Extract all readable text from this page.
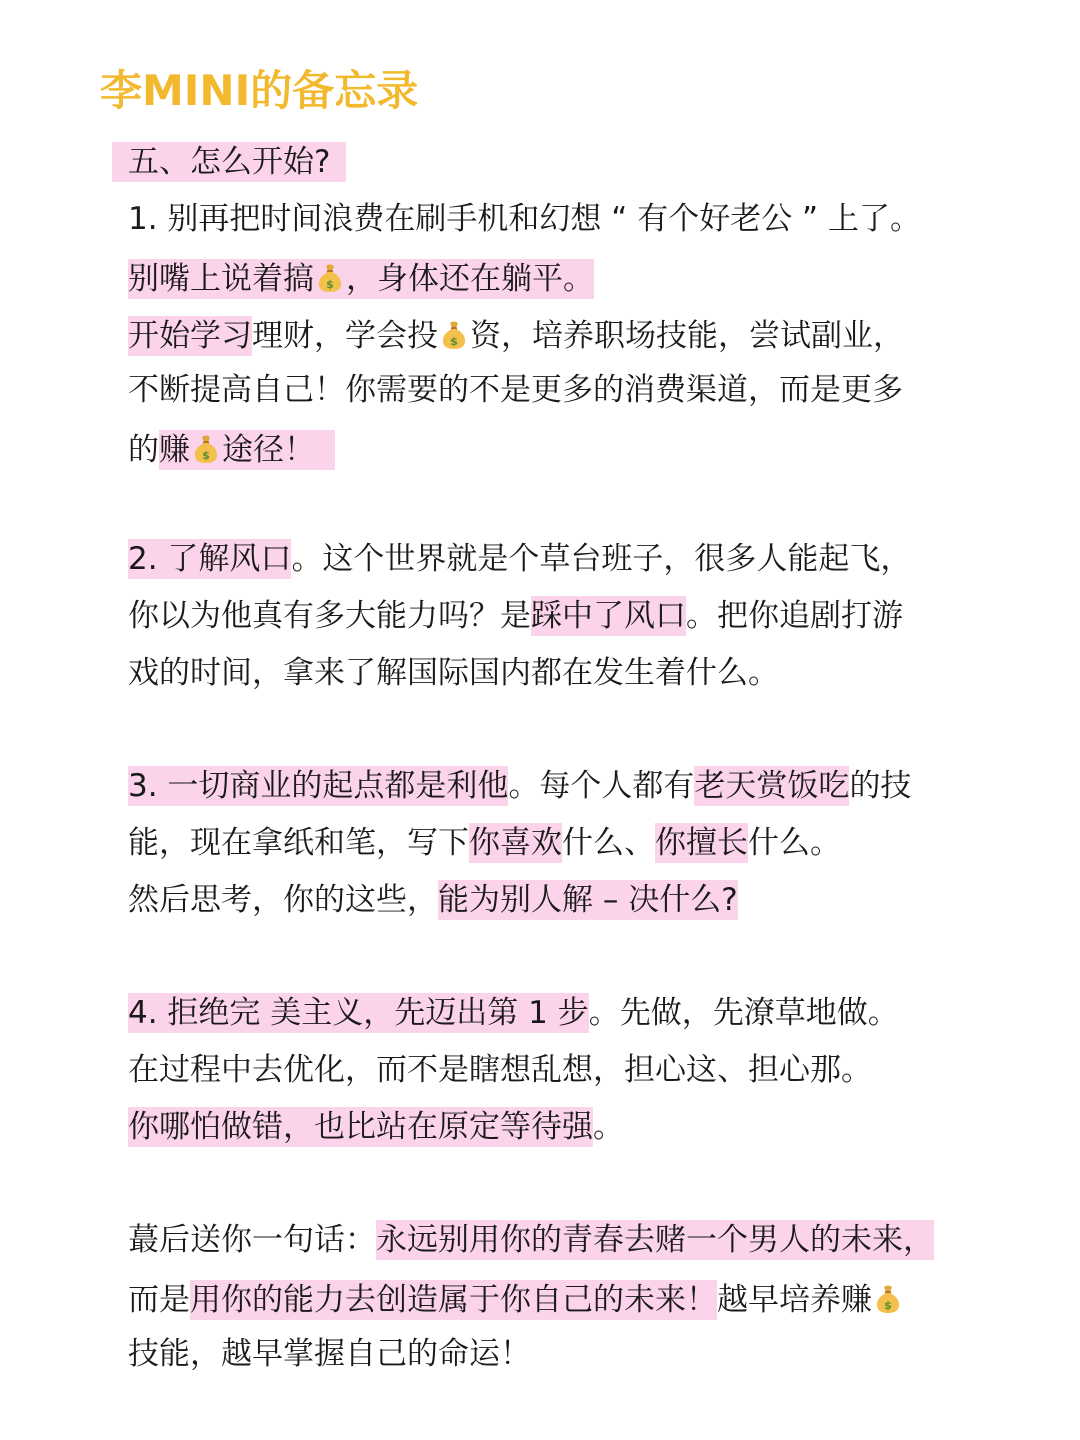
李MINI的备忘录
五、怎么开始?
1. 别再把时间浪费在刷手机和幻想 “ 有个好老公 ” 上了。
别嘴上说着搞 ，身体还在躺平。
开始学习理财，学会投 资，培养职场技能，尝试副业，
不断提高自己！你需要的不是更多的消费渠道，而是更多
的赚 途径！
2. 了解风口。这个世界就是个草台班子，很多人能起飞，
你以为他真有多大能力吗？是踩中了风口。把你追剧打游
戏的时间，拿来了解国际国内都在发生着什么。
3. 一切商业的起点都是利他。每个人都有老天赏饭吃的技
能，现在拿纸和笔，写下你喜欢什么、你擅长什么。
然后思考，你的这些，能为别人解 – 决什么?
4. 拒绝完 美主义，先迈出第 1 步。先做，先潦草地做。
在过程中去优化，而不是瞎想乱想，担心这、担心那。
你哪怕做错，也比站在原定等待强。
蕞后送你一句话：永远别用你的青春去赌一个男人的未来，
而是用你的能力去创造属于你自己的未来！越早培养赚
技能，越早掌握自己的命运！
